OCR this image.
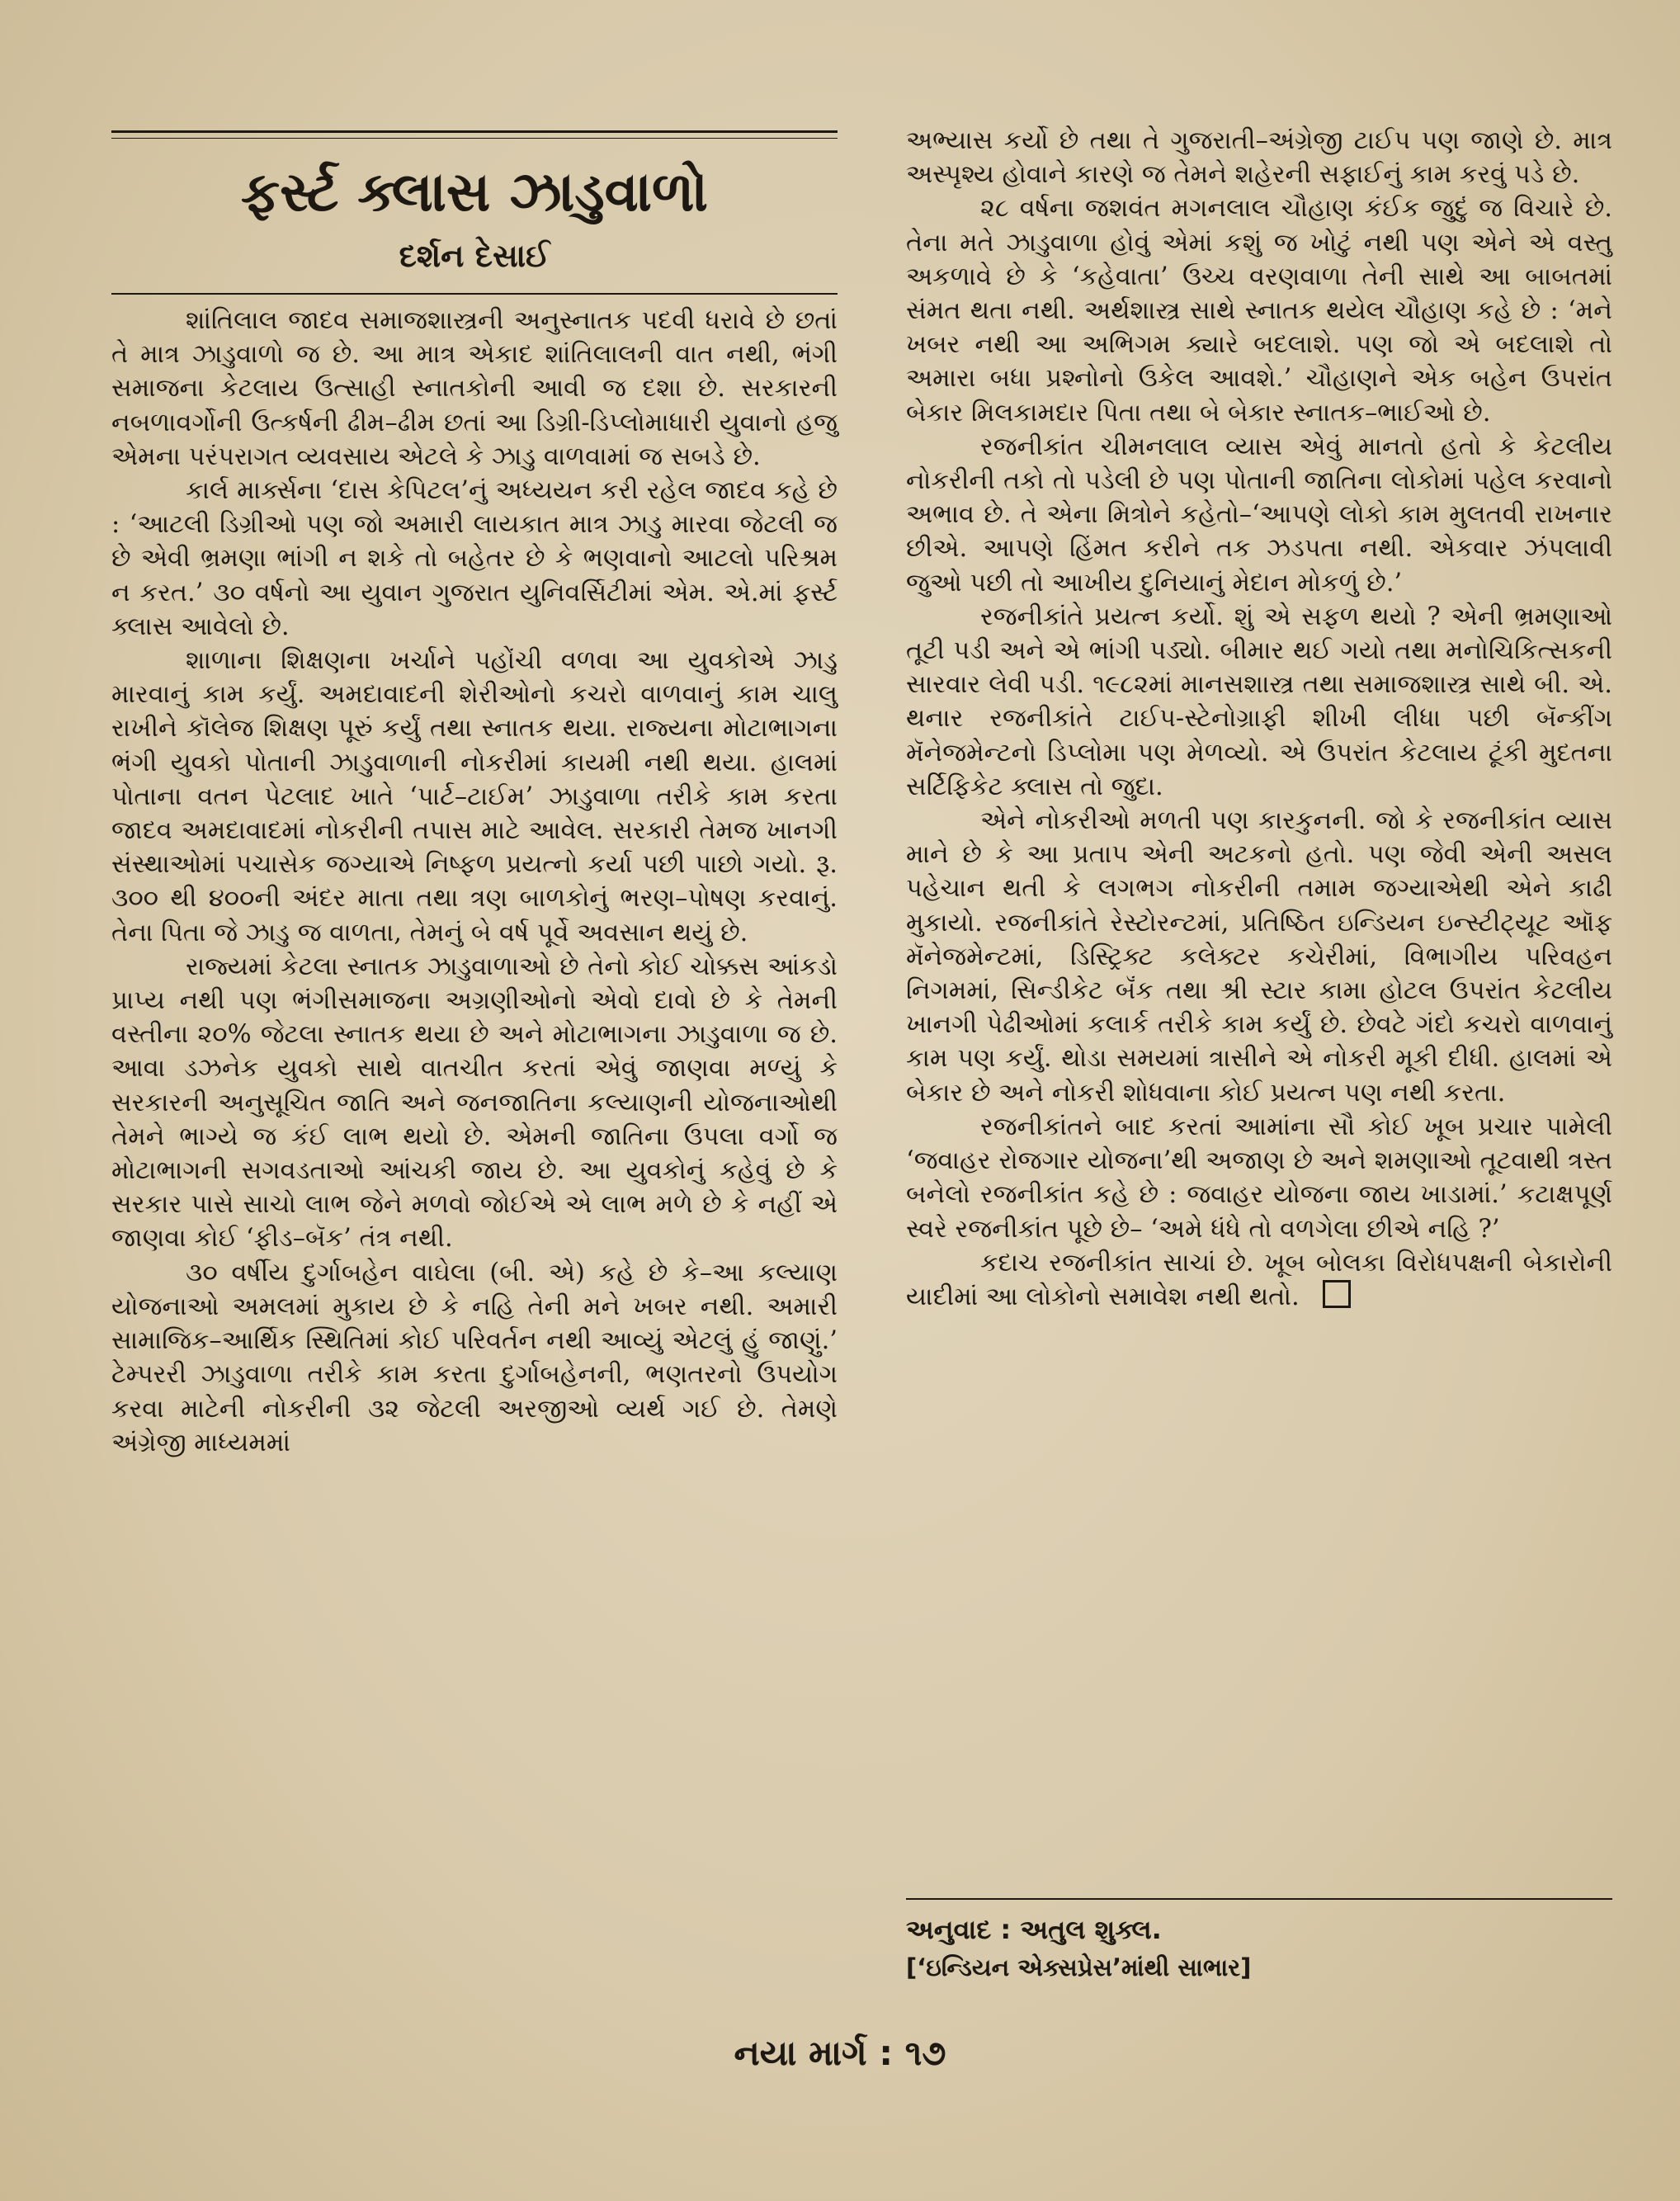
ફર્સ્ટ ક્લાસ ઝાડુવાળો
દર્શન દેસાઈ

શાંતિલાલ જાદવ સમાજશાસ્ત્રની અનુસ્નાતક પદવી ધરાવે છે છતાં તે માત્ર ઝાડુવાળો જ છે. આ માત્ર એકાદ શાંતિલાલની વાત નથી, ભંગી સમાજના કેટલાય ઉત્સાહી સ્નાતકોની આવી જ દશા છે. સરકારની નબળાવર્ગોની ઉત્કર્ષની ઢીમ–ઢીમ છતાં આ ડિગ્રી-ડિપ્લોમાધારી યુવાનો હજુ એમના પરંપરાગત વ્યવસાય એટલે કે ઝાડુ વાળવામાં જ સબડે છે.

કાર્લ માર્ક્સના ‘દાસ કેપિટલ’નું અધ્યયન કરી રહેલ જાદવ કહે છે : ‘આટલી ડિગ્રીઓ પણ જો અમારી લાયકાત માત્ર ઝાડુ મારવા જેટલી જ છે એવી ભ્રમણા ભાંગી ન શકે તો બહેતર છે કે ભણવાનો આટલો પરિશ્રમ ન કરત.’ ૩૦ વર્ષનો આ યુવાન ગુજરાત યુનિવર્સિટીમાં એમ. એ.માં ફર્સ્ટ ક્લાસ આવેલો છે.

શાળાના શિક્ષણના ખર્ચાને પહોંચી વળવા આ યુવકોએ ઝાડુ મારવાનું કામ કર્યું. અમદાવાદની શેરીઓનો કચરો વાળવાનું કામ ચાલુ રાખીને કૉલેજ શિક્ષણ પૂરું કર્યું તથા સ્નાતક થયા. રાજ્યના મોટાભાગના ભંગી યુવકો પોતાની ઝાડુવાળાની નોકરીમાં કાયમી નથી થયા. હાલમાં પોતાના વતન પેટલાદ ખાતે ‘પાર્ટ–ટાઈમ’ ઝાડુવાળા તરીકે કામ કરતા જાદવ અમદાવાદમાં નોકરીની તપાસ માટે આવેલ. સરકારી તેમજ ખાનગી સંસ્થાઓમાં પચાસેક જગ્યાએ નિષ્ફળ પ્રયત્નો કર્યા પછી પાછો ગયો. રૂ. ૩૦૦ થી ૪૦૦ની અંદર માતા તથા ત્રણ બાળકોનું ભરણ–પોષણ કરવાનું. તેના પિતા જે ઝાડુ જ વાળતા, તેમનું બે વર્ષ પૂર્વે અવસાન થયું છે.

રાજ્યમાં કેટલા સ્નાતક ઝાડુવાળાઓ છે તેનો કોઈ ચોક્કસ આંકડો પ્રાપ્ય નથી પણ ભંગીસમાજના અગ્રણીઓનો એવો દાવો છે કે તેમની વસ્તીના ૨૦% જેટલા સ્નાતક થયા છે અને મોટાભાગના ઝાડુવાળા જ છે. આવા ડઝનેક યુવકો સાથે વાતચીત કરતાં એવું જાણવા મળ્યું કે સરકારની અનુસૂચિત જાતિ અને જનજાતિના કલ્યાણની યોજનાઓથી તેમને ભાગ્યે જ કંઈ લાભ થયો છે. એમની જાતિના ઉપલા વર્ગો જ મોટાભાગની સગવડતાઓ આંચકી જાય છે. આ યુવકોનું કહેવું છે કે સરકાર પાસે સાચો લાભ જેને મળવો જોઈએ એ લાભ મળે છે કે નહીં એ જાણવા કોઈ ‘ફીડ–બૅક’ તંત્ર નથી.

૩૦ વર્ષીય દુર્ગાબહેન વાઘેલા (બી. એ) કહે છે કે–આ કલ્યાણ યોજનાઓ અમલમાં મુકાય છે કે નહિ તેની મને ખબર નથી. અમારી સામાજિક–આર્થિક સ્થિતિમાં કોઈ પરિવર્તન નથી આવ્યું એટલું હું જાણું.’ ટેમ્પરરી ઝાડુવાળા તરીકે કામ કરતા દુર્ગાબહેનની, ભણતરનો ઉપયોગ કરવા માટેની નોકરીની ૩૨ જેટલી અરજીઓ વ્યર્થ ગઈ છે. તેમણે અંગ્રેજી માધ્યમમાં

અભ્યાસ કર્યો છે તથા તે ગુજરાતી–અંગ્રેજી ટાઈપ પણ જાણે છે. માત્ર અસ્પૃશ્ય હોવાને કારણે જ તેમને શહેરની સફાઈનું કામ કરવું પડે છે.

૨૮ વર્ષના જશવંત મગનલાલ ચૌહાણ કંઈક જુદું જ વિચારે છે. તેના મતે ઝાડુવાળા હોવું એમાં કશું જ ખોટું નથી પણ એને એ વસ્તુ અકળાવે છે કે ‘કહેવાતા’ ઉચ્ચ વરણવાળા તેની સાથે આ બાબતમાં સંમત થતા નથી. અર્થશાસ્ત્ર સાથે સ્નાતક થયેલ ચૌહાણ કહે છે : ‘મને ખબર નથી આ અભિગમ ક્યારે બદલાશે. પણ જો એ બદલાશે તો અમારા બધા પ્રશ્નોનો ઉકેલ આવશે.’ ચૌહાણને એક બહેન ઉપરાંત બેકાર મિલકામદાર પિતા તથા બે બેકાર સ્નાતક–ભાઈઓ છે.

રજનીકાંત ચીમનલાલ વ્યાસ એવું માનતો હતો કે કેટલીય નોકરીની તકો તો પડેલી છે પણ પોતાની જાતિના લોકોમાં પહેલ કરવાનો અભાવ છે. તે એના મિત્રોને કહેતો–‘આપણે લોકો કામ મુલતવી રાખનાર છીએ. આપણે હિંમત કરીને તક ઝડપતા નથી. એકવાર ઝંપલાવી જુઓ પછી તો આખીય દુનિયાનું મેદાન મોકળું છે.’

રજનીકાંતે પ્રયત્ન કર્યો. શું એ સફળ થયો ? એની ભ્રમણાઓ તૂટી પડી અને એ ભાંગી પડ્યો. બીમાર થઈ ગયો તથા મનોચિકિત્સકની સારવાર લેવી પડી. ૧૯૮૨માં માનસશાસ્ત્ર તથા સમાજશાસ્ત્ર સાથે બી. એ. થનાર રજનીકાંતે ટાઈપ-સ્ટેનોગ્રાફી શીખી લીધા પછી બૅન્કીંગ મૅનેજમેન્ટનો ડિપ્લોમા પણ મેળવ્યો. એ ઉપરાંત કેટલાય ટૂંકી મુદતના સર્ટિફિકેટ ક્લાસ તો જુદા.

એને નોકરીઓ મળતી પણ કારકુનની. જો કે રજનીકાંત વ્યાસ માને છે કે આ પ્રતાપ એની અટકનો હતો. પણ જેવી એની અસલ પહેચાન થતી કે લગભગ નોકરીની તમામ જગ્યાએથી એને કાઢી મુકાયો. રજનીકાંતે રેસ્ટોરન્ટમાં, પ્રતિષ્ઠિત ઇન્ડિયન ઇન્સ્ટીટ્યૂટ ઑફ મૅનેજમેન્ટમાં, ડિસ્ટ્રિક્ટ કલેક્ટર કચેરીમાં, વિભાગીય પરિવહન નિગમમાં, સિન્ડીકેટ બૅંક તથા શ્રી સ્ટાર કામા હોટલ ઉપરાંત કેટલીય ખાનગી પેઢીઓમાં કલાર્ક તરીકે કામ કર્યું છે. છેવટે ગંદો કચરો વાળવાનું કામ પણ કર્યું. થોડા સમયમાં ત્રાસીને એ નોકરી મૂકી દીધી. હાલમાં એ બેકાર છે અને નોકરી શોધવાના કોઈ પ્રયત્ન પણ નથી કરતા.

રજનીકાંતને બાદ કરતાં આમાંના સૌ કોઈ ખૂબ પ્રચાર પામેલી ‘જવાહર રોજગાર યોજના’થી અજાણ છે અને શમણાઓ તૂટવાથી ત્રસ્ત બનેલો રજનીકાંત કહે છે : જવાહર યોજના જાય ખાડામાં.’ કટાક્ષપૂર્ણ સ્વરે રજનીકાંત પૂછે છે– ‘અમે ધંધે તો વળગેલા છીએ નહિ ?’

કદાચ રજનીકાંત સાચાં છે. ખૂબ બોલકા વિરોધપક્ષની બેકારોની યાદીમાં આ લોકોનો સમાવેશ નથી થતો.

અનુવાદ : અતુલ શુક્લ.
[‘ઇન્ડિયન એક્સપ્રેસ’માંથી સાભાર]
નયા માર્ગ : ૧૭
